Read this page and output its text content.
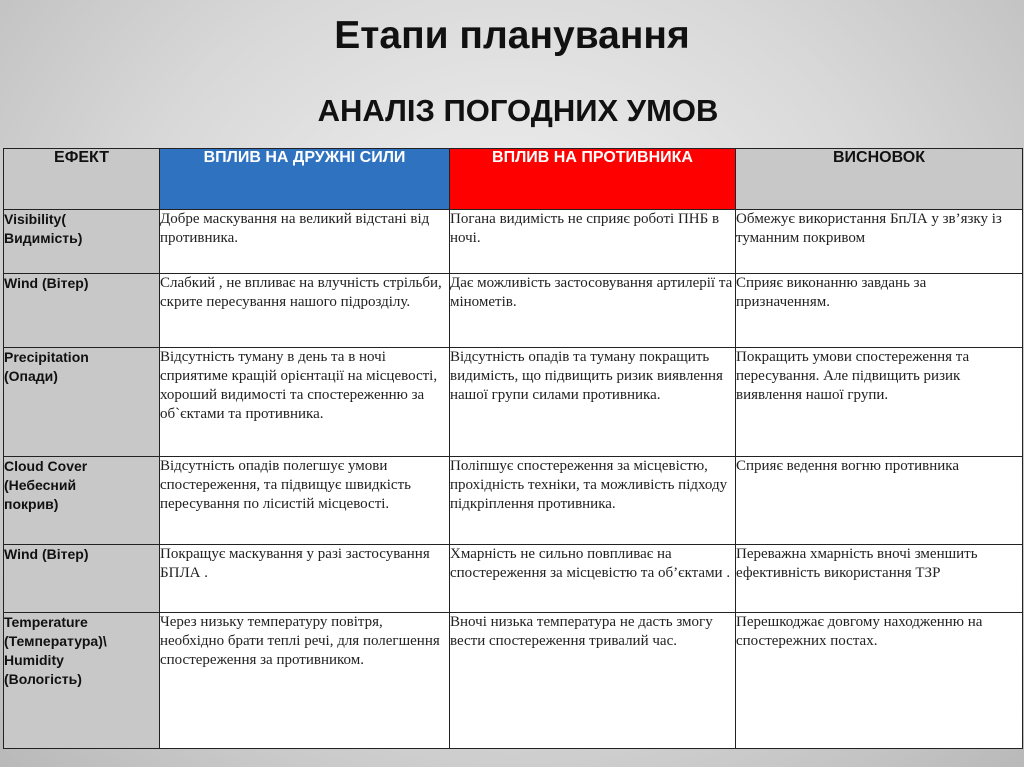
Етапи планування
АНАЛІЗ ПОГОДНИХ УМОВ
ЕФЕКТ	ВПЛИВ НА ДРУЖНІ СИЛИ	ВПЛИВ НА ПРОТИВНИКА	ВИСНОВОК
Visibility(
Видимість)	Добре маскування на великий відстані від противника.	Погана видимість не сприяє роботі ПНБ в ночі.	Обмежує використання БпЛА у зв’язку із туманним покривом
Wind (Вітер)	Слабкий , не впливає на влучність стрільби, скрите пересування нашого підрозділу.	Дає можливість застосовування артилерії та мінометів.	Сприяє виконанню завдань за призначенням.
Precipitation
(Опади)	Відсутність туману в день та в ночі сприятиме кращій орієнтації на місцевості, хороший видимості та спостереженню за об`єктами та противника.	Відсутність опадів та туману покращить видимість, що підвищить ризик виявлення нашої групи силами противника.	Покращить умови спостереження та пересування. Але підвищить ризик виявлення нашої групи.
Cloud Cover
(Небесний
покрив)	Відсутність опадів полегшує умови спостереження, та підвищує швидкість пересування по лісистій місцевості.	Поліпшує спостереження за місцевістю, прохідність техніки, та можливість підходу підкріплення противника.	Сприяє ведення вогню противника
Wind (Вітер)	Покращує маскування у разі застосування БПЛА .	Хмарність не сильно повпливає на спостереження за місцевістю та об’єктами .	Переважна хмарність вночі зменшить ефективність використання ТЗР
Temperature
(Температура)\
Humidity
(Вологість)	Через низьку температуру повітря, необхідно брати теплі речі, для полегшення спостереження за противником.	Вночі низька температура не дасть змогу вести спостереження тривалий час.	Перешкоджає довгому находженню на спостережних постах.
